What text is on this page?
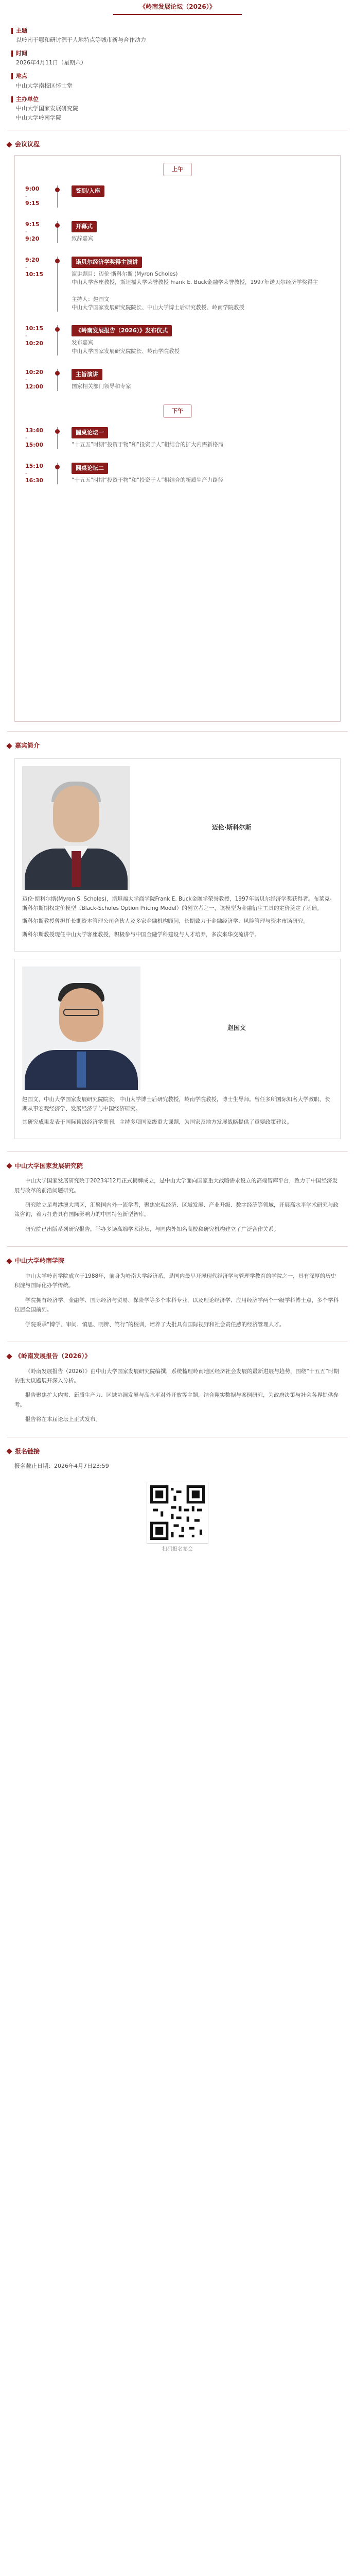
《岭南发展论坛（2026）》
主题
以岭南于哪和研讨源于人地特点等城市新与合作动力
时间
2026年4月11日（星期六）
地点
中山大学南校区怀士堂
主办单位
中山大学国家发展研究院
中山大学岭南学院
会议议程
上午
9:00
-
9:15
签到/入座
9:15
-
9:20
开幕式
致辞嘉宾
9:20
-
10:15
诺贝尔经济学奖得主演讲
演讲题目：迈伦·斯科尔斯 (Myron Scholes)
中山大学客座教授，斯坦福大学荣誉教授 Frank E. Buck金融学荣誉教授，1997年诺贝尔经济学奖得主

主持人：赵国文
中山大学国家发展研究院院长、中山大学博士后研究教授、岭南学院教授
10:15
-
10:20
《岭南发展报告（2026）》发布仪式
发布嘉宾
中山大学国家发展研究院院长、岭南学院教授
10:20
-
12:00
主旨演讲
国家相关部门领导和专家
下午
13:40
-
15:00
圆桌论坛一
“十五五”时期“投资于物”和“投资于人”相结合的扩大内需新格局
15:10
-
16:30
圆桌论坛二
“十五五”时期“投资于物”和“投资于人”相结合的新质生产力路径
嘉宾简介
迈伦·斯科尔斯

迈伦·斯科尔斯(Myron S. Scholes)，斯坦福大学商学院Frank E. Buck金融学荣誉教授，1997年诺贝尔经济学奖获得者。布莱克-斯科尔斯期权定价模型（Black-Scholes Option Pricing Model）的创立者之一，该模型为金融衍生工具的定价奠定了基础。

斯科尔斯教授曾担任长期资本管理公司合伙人及多家金融机构顾问，长期致力于金融经济学、风险管理与资本市场研究。

斯科尔斯教授现任中山大学客座教授，积极参与中国金融学科建设与人才培养，多次来华交流讲学。

赵国文

赵国文，中山大学国家发展研究院院长，中山大学博士后研究教授，岭南学院教授，博士生导师。曾任多所国际知名大学教职，长期从事宏观经济学、发展经济学与中国经济研究。

其研究成果发表于国际顶级经济学期刊，主持多项国家级重大课题，为国家及地方发展战略提供了重要政策建议。

中山大学国家发展研究院

中山大学国家发展研究院于2023年12月正式揭牌成立，是中山大学面向国家重大战略需求设立的高端智库平台，致力于中国经济发展与改革的前沿问题研究。

研究院立足粤港澳大湾区，汇聚国内外一流学者，聚焦宏观经济、区域发展、产业升级、数字经济等领域，开展高水平学术研究与政策咨询，着力打造具有国际影响力的中国特色新型智库。

研究院已出版系列研究报告，举办多场高端学术论坛，与国内外知名高校和研究机构建立了广泛合作关系。

中山大学岭南学院

中山大学岭南学院成立于1988年，前身为岭南大学经济系，是国内最早开展现代经济学与管理学教育的学院之一，具有深厚的历史积淀与国际化办学传统。

学院拥有经济学、金融学、国际经济与贸易、保险学等多个本科专业，以及理论经济学、应用经济学两个一级学科博士点，多个学科位居全国前列。

学院秉承“博学、审问、慎思、明辨、笃行”的校训，培养了大批具有国际视野和社会责任感的经济管理人才。

《岭南发展报告（2026）》

《岭南发展报告（2026）》由中山大学国家发展研究院编撰，系统梳理岭南地区经济社会发展的最新进展与趋势，围绕“十五五”时期的重大议题展开深入分析。

报告聚焦扩大内需、新质生产力、区域协调发展与高水平对外开放等主题，结合翔实数据与案例研究，为政府决策与社会各界提供参考。

报告将在本届论坛上正式发布。

报名链接
报名截止日期：2026年4月7日23:59
扫码报名参会
